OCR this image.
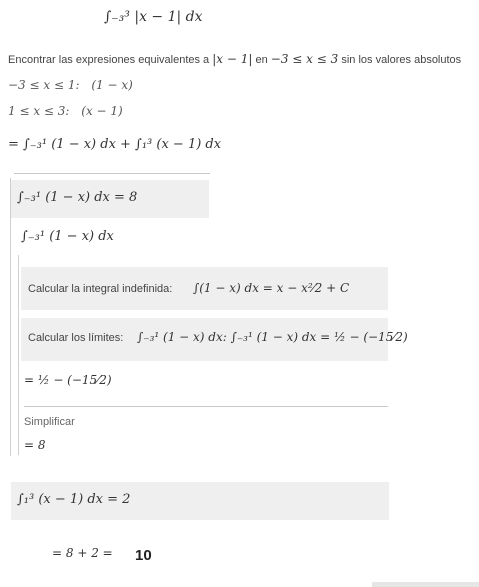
∫₋₃³ |x − 1| dx
Encontrar las expresiones equivalentes a |x − 1| en −3 ≤ x ≤ 3 sin los valores absolutos
−3 ≤ x ≤ 1: (1 − x)
1 ≤ x ≤ 3: (x − 1)
= ∫₋₃¹ (1 − x) dx + ∫₁³ (x − 1) dx
∫₋₃¹ (1 − x) dx = 8
∫₋₃¹ (1 − x) dx
Calcular la integral indefinida: ∫(1 − x) dx = x − x²⁄2 + C
Calcular los límites: ∫₋₃¹ (1 − x) dx: ∫₋₃¹ (1 − x) dx = ½ − (−15⁄2)
= ½ − (−15⁄2)
Simplificar
= 8
∫₁³ (x − 1) dx = 2
= 8 + 2 = 10
